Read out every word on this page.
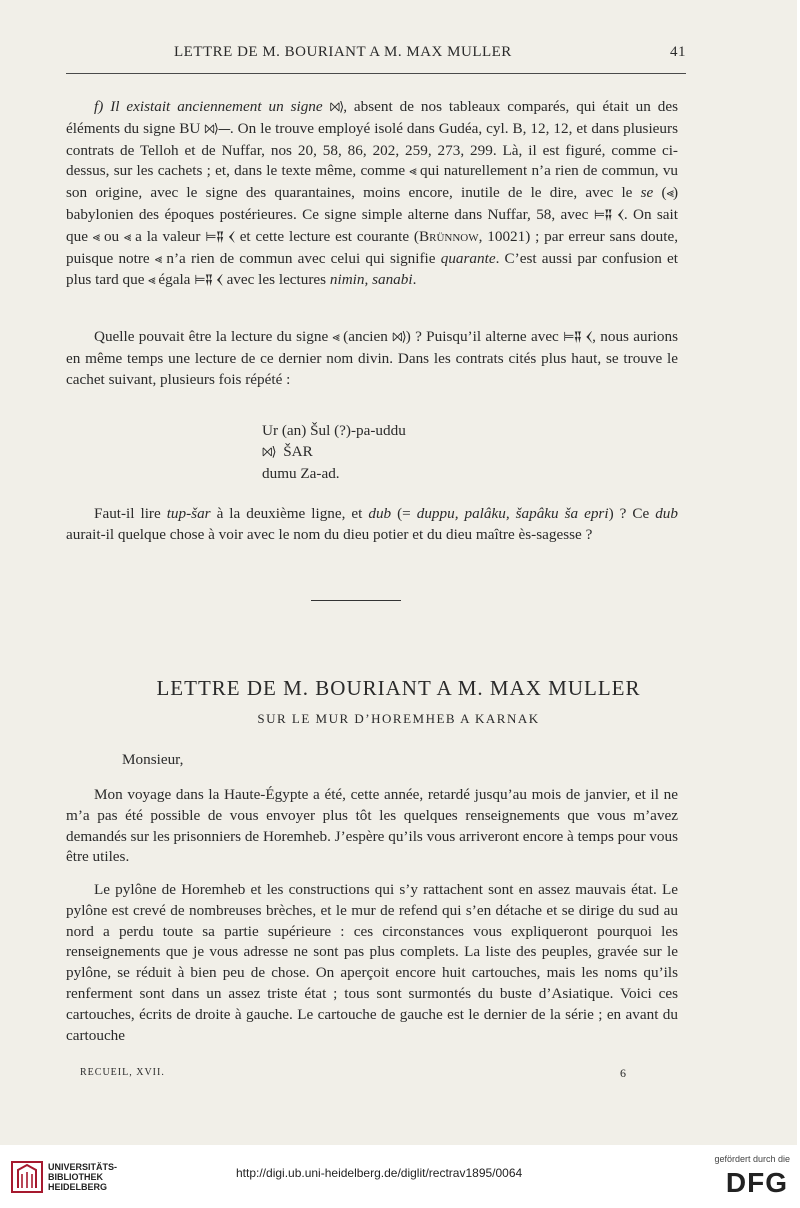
LETTRE DE M. BOURIANT A M. MAX MULLER	41

f) Il existait anciennement un signe ⨝⟩, absent de nos tableaux comparés, qui était un des éléments du signe BU ⨝⟩—. On le trouve employé isolé dans Gudéa, cyl. B, 12, 12, et dans plusieurs contrats de Telloh et de Nuffar, nos 20, 58, 86, 202, 259, 273, 299. Là, il est figuré, comme ci-dessus, sur les cachets ; et, dans le texte même, comme ⪡ qui naturellement n’a rien de commun, vu son origine, avec le signe des quarantaines, moins encore, inutile de le dire, avec le se (⪡) babylonien des époques postérieures. Ce signe simple alterne dans Nuffar, 58, avec ⊨𒐉 𒌋. On sait que ⪡ ou ⪡ a la valeur ⊨𒐉 𒌋 et cette lecture est courante (Brünnow, 10021) ; par erreur sans doute, puisque notre ⪡ n’a rien de commun avec celui qui signifie quarante. C’est aussi par confusion et plus tard que ⪡ égala ⊨𒐉 𒌋 avec les lectures nimin, sanabi.

Quelle pouvait être la lecture du signe ⪡ (ancien ⨝⟩) ? Puisqu’il alterne avec ⊨𒐉 𒌋, nous aurions en même temps une lecture de ce dernier nom divin. Dans les contrats cités plus haut, se trouve le cachet suivant, plusieurs fois répété :

Ur (an) Šul (?)-pa-uddu
⨝⟩ ŠAR
dumu Za-ad.

Faut-il lire tup-šar à la deuxième ligne, et dub (= duppu, palâku, šapâku ša epri) ? Ce dub aurait-il quelque chose à voir avec le nom du dieu potier et du dieu maître ès-sagesse ?

LETTRE DE M. BOURIANT A M. MAX MULLER
SUR LE MUR D’HOREMHEB A KARNAK
Monsieur,

Mon voyage dans la Haute-Égypte a été, cette année, retardé jusqu’au mois de janvier, et il ne m’a pas été possible de vous envoyer plus tôt les quelques renseignements que vous m’avez demandés sur les prisonniers de Horemheb. J’espère qu’ils vous arriveront encore à temps pour vous être utiles.

Le pylône de Horemheb et les constructions qui s’y rattachent sont en assez mauvais état. Le pylône est crevé de nombreuses brèches, et le mur de refend qui s’en détache et se dirige du sud au nord a perdu toute sa partie supérieure : ces circonstances vous expliqueront pourquoi les renseignements que je vous adresse ne sont pas plus complets. La liste des peuples, gravée sur le pylône, se réduit à bien peu de chose. On aperçoit encore huit cartouches, mais les noms qu’ils renferment sont dans un assez triste état ; tous sont surmontés du buste d’Asiatique. Voici ces cartouches, écrits de droite à gauche. Le cartouche de gauche est le dernier de la série ; en avant du cartouche

RECUEIL, XVII.	6
UNIVERSITÄTS-
BIBLIOTHEK
HEIDELBERG
http://digi.ub.uni-heidelberg.de/diglit/rectrav1895/0064
gefördert durch die
DFG
